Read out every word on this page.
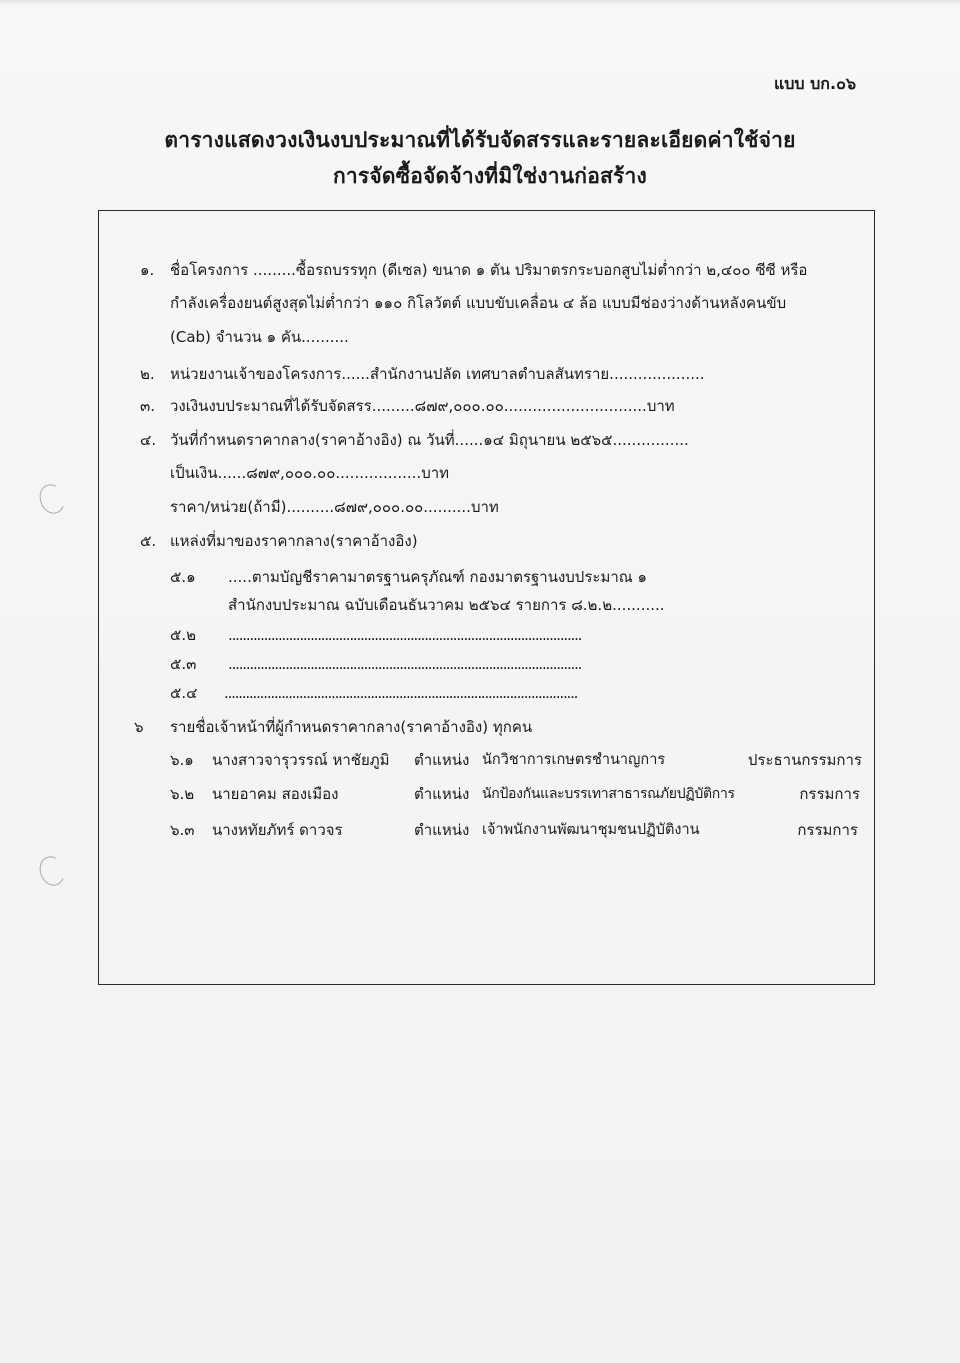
แบบ บก.๐๖
ตารางแสดงวงเงินงบประมาณที่ได้รับจัดสรรและรายละเอียดค่าใช้จ่าย
การจัดซื้อจัดจ้างที่มิใช่งานก่อสร้าง
๑. ชื่อโครงการ .........ซื้อรถบรรทุก (ดีเซล) ขนาด ๑ ตัน ปริมาตรกระบอกสูบไม่ต่ำกว่า ๒,๔๐๐ ซีซี หรือ
กำลังเครื่องยนต์สูงสุดไม่ต่ำกว่า ๑๑๐ กิโลวัตต์ แบบขับเคลื่อน ๔ ล้อ แบบมีช่องว่างด้านหลังคนขับ
(Cab) จำนวน ๑ คัน..........
๒. หน่วยงานเจ้าของโครงการ......สำนักงานปลัด เทศบาลตำบลสันทราย....................
๓. วงเงินงบประมาณที่ได้รับจัดสรร.........๘๗๙,๐๐๐.๐๐..............................บาท
๔. วันที่กำหนดราคากลาง(ราคาอ้างอิง) ณ วันที่......๑๔ มิถุนายน ๒๕๖๕................
เป็นเงิน......๘๗๙,๐๐๐.๐๐..................บาท
ราคา/หน่วย(ถ้ามี)..........๘๗๙,๐๐๐.๐๐..........บาท
๕. แหล่งที่มาของราคากลาง(ราคาอ้างอิง)
๕.๑ .....ตามบัญชีราคามาตรฐานครุภัณฑ์ กองมาตรฐานงบประมาณ ๑
สำนักงบประมาณ ฉบับเดือนธันวาคม ๒๕๖๔ รายการ ๘.๒.๒...........
๕.๒ ...................................................................................................
๕.๓ ...................................................................................................
๕.๔ ...................................................................................................
๖ รายชื่อเจ้าหน้าที่ผู้กำหนดราคากลาง(ราคาอ้างอิง) ทุกคน
๖.๑ นางสาวจารุวรรณ์ หาชัยภูมิ ตำแหน่ง นักวิชาการเกษตรชำนาญการ	ประธานกรรมการ
๖.๒ นายอาคม สองเมือง	ตำแหน่ง นักป้องกันและบรรเทาสาธารณภัยปฏิบัติการ	กรรมการ
๖.๓ นางหทัยภัทร์ ดาวจร	ตำแหน่ง เจ้าพนักงานพัฒนาชุมชนปฏิบัติงาน	กรรมการ
